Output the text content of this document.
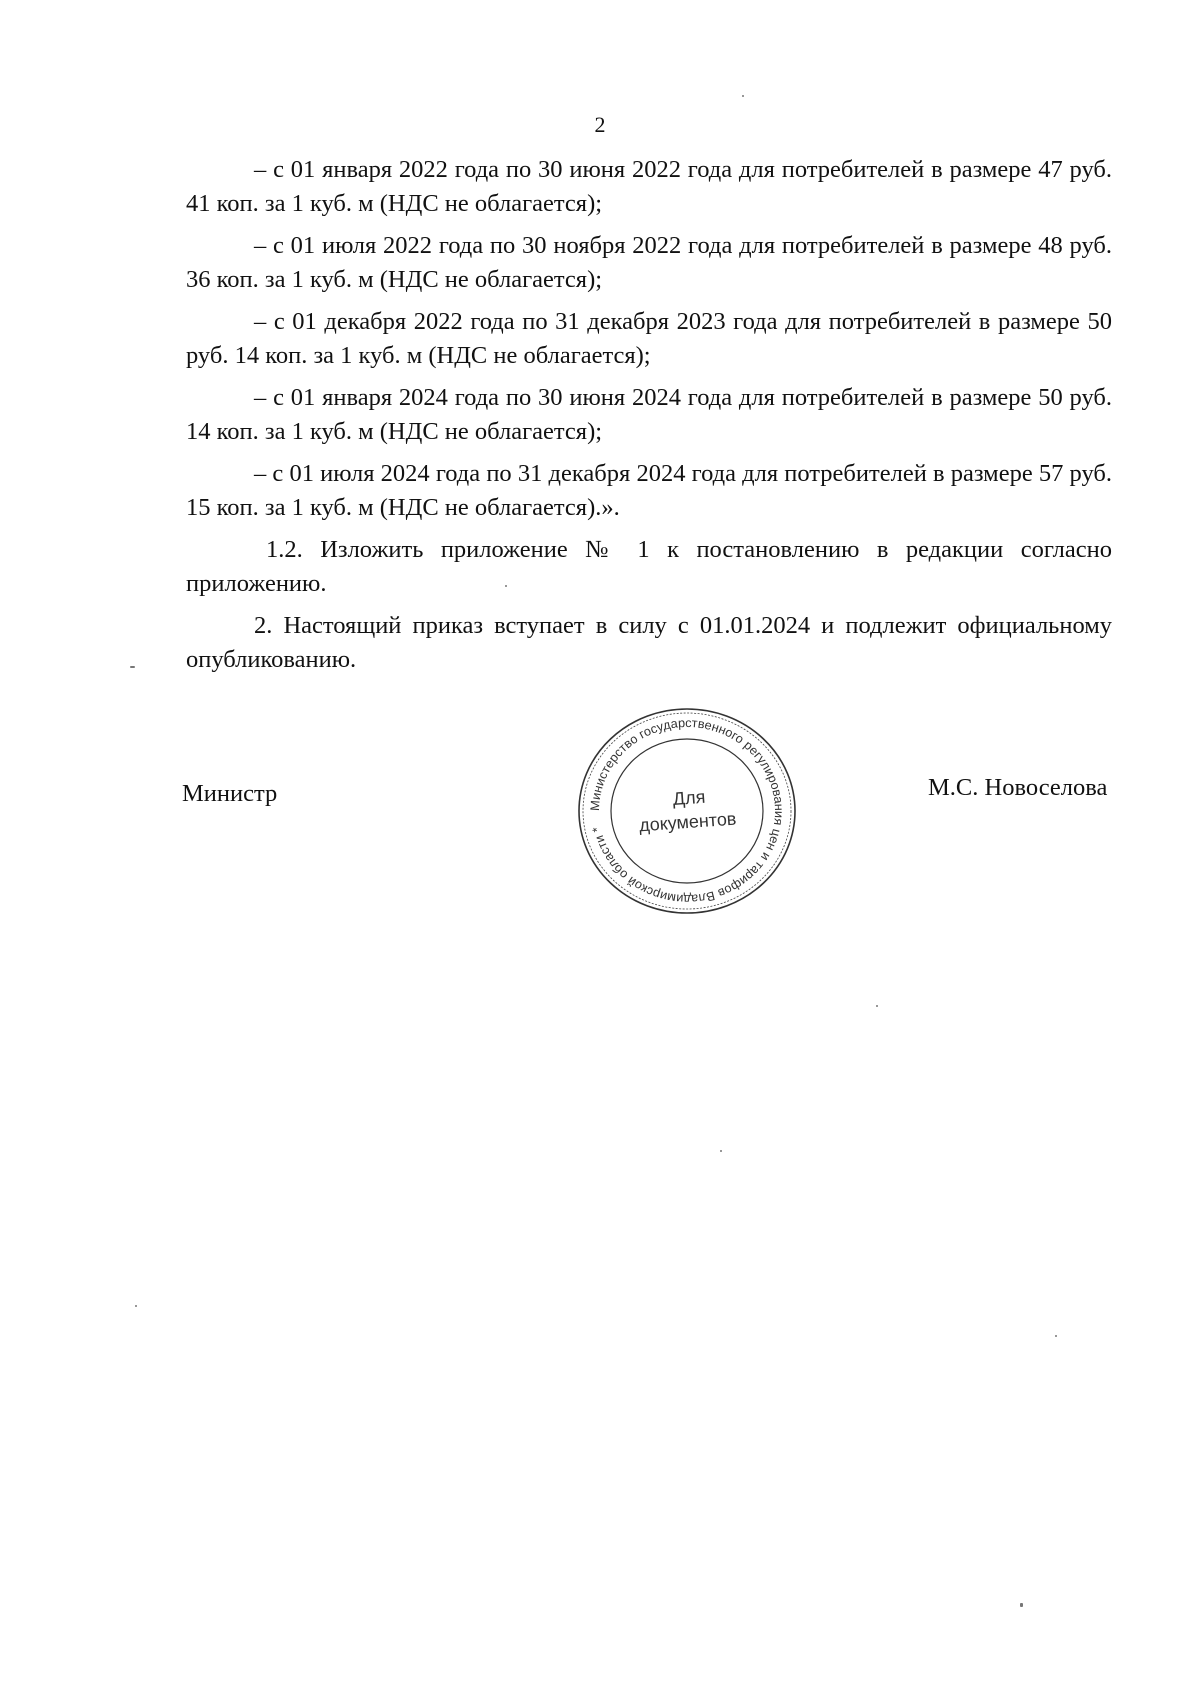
2

– с 01 января 2022 года по 30 июня 2022 года для потребителей в размере 47 руб. 41 коп. за 1 куб. м (НДС не облагается);

– с 01 июля 2022 года по 30 ноября 2022 года для потребителей в размере 48 руб. 36 коп. за 1 куб. м (НДС не облагается);

– с 01 декабря 2022 года по 31 декабря 2023 года для потребителей в размере 50 руб. 14 коп. за 1 куб. м (НДС не облагается);

– с 01 января 2024 года по 30 июня 2024 года для потребителей в размере 50 руб. 14 коп. за 1 куб. м (НДС не облагается);

– с 01 июля 2024 года по 31 декабря 2024 года для потребителей в размере 57 руб. 15 коп. за 1 куб. м (НДС не облагается).».

1.2. Изложить приложение № 1 к постановлению в редакции согласно приложению.

2. Настоящий приказ вступает в силу с 01.01.2024 и подлежит официальному опубликованию.

Министр	М.С. Новоселова
Министерство государственного регулирования цен и тарифов Владимирской области *
Для
документов
